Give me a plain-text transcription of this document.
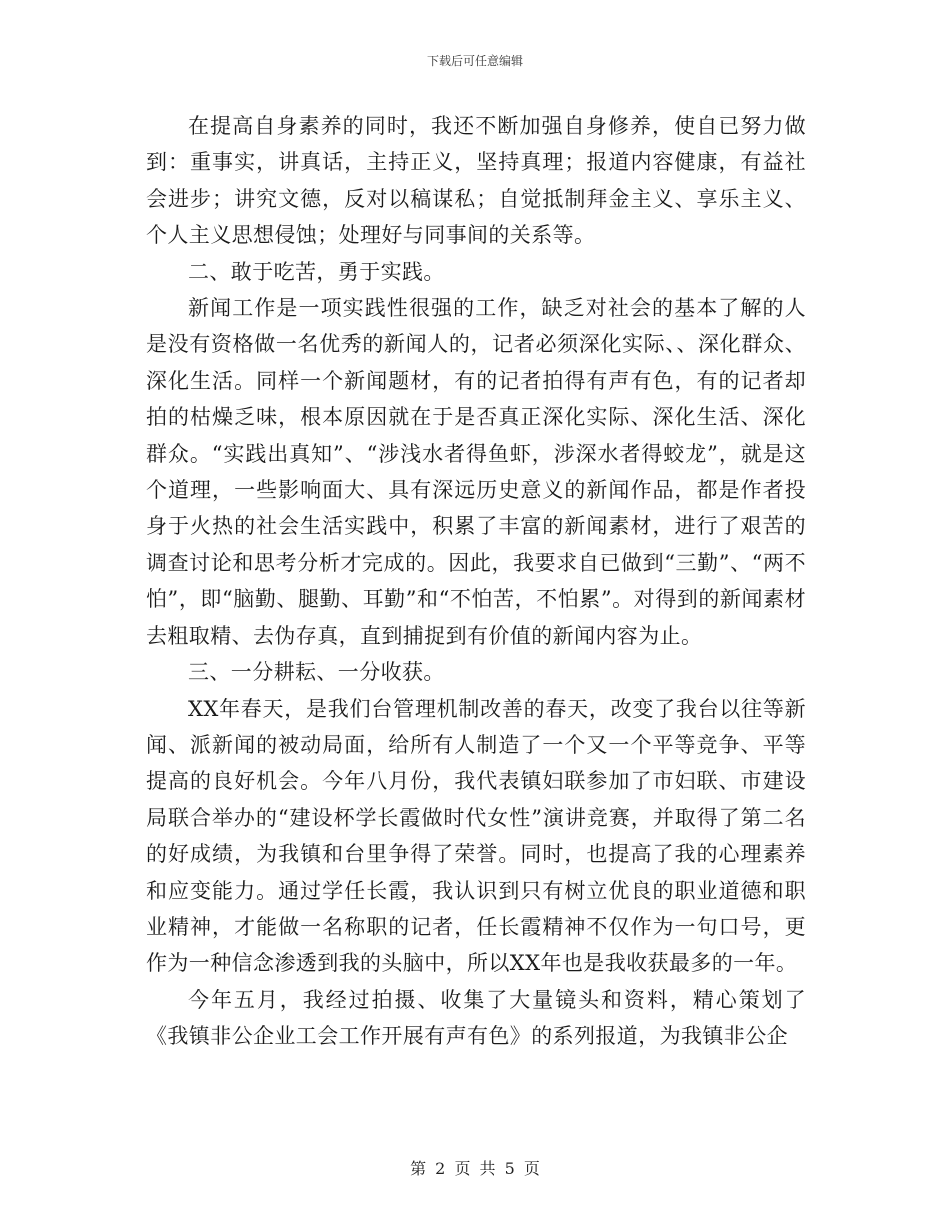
下载后可任意编辑

在提高自身素养的同时，我还不断加强自身修养，使自已努力做到：重事实，讲真话，主持正义，坚持真理；报道内容健康，有益社会进步；讲究文德，反对以稿谋私；自觉抵制拜金主义、享乐主义、个人主义思想侵蚀；处理好与同事间的关系等。

二、敢于吃苦，勇于实践。

新闻工作是一项实践性很强的工作，缺乏对社会的基本了解的人是没有资格做一名优秀的新闻人的，记者必须深化实际、、深化群众、深化生活。同样一个新闻题材，有的记者拍得有声有色，有的记者却拍的枯燥乏味，根本原因就在于是否真正深化实际、深化生活、深化群众。“实践出真知”、“涉浅水者得鱼虾，涉深水者得蛟龙”，就是这个道理，一些影响面大、具有深远历史意义的新闻作品，都是作者投身于火热的社会生活实践中，积累了丰富的新闻素材，进行了艰苦的调查讨论和思考分析才完成的。因此，我要求自已做到“三勤”、“两不怕”，即“脑勤、腿勤、耳勤”和“不怕苦，不怕累”。对得到的新闻素材去粗取精、去伪存真，直到捕捉到有价值的新闻内容为止。

三、一分耕耘、一分收获。

XX年春天，是我们台管理机制改善的春天，改变了我台以往等新闻、派新闻的被动局面，给所有人制造了一个又一个平等竞争、平等提高的良好机会。今年八月份，我代表镇妇联参加了市妇联、市建设局联合举办的“建设杯学长霞做时代女性”演讲竞赛，并取得了第二名的好成绩，为我镇和台里争得了荣誉。同时，也提高了我的心理素养和应变能力。通过学任长霞，我认识到只有树立优良的职业道德和职业精神，才能做一名称职的记者，任长霞精神不仅作为一句口号，更作为一种信念渗透到我的头脑中，所以XX年也是我收获最多的一年。

今年五月，我经过拍摄、收集了大量镜头和资料，精心策划了《我镇非公企业工会工作开展有声有色》的系列报道，为我镇非公企

第 2 页 共 5 页
